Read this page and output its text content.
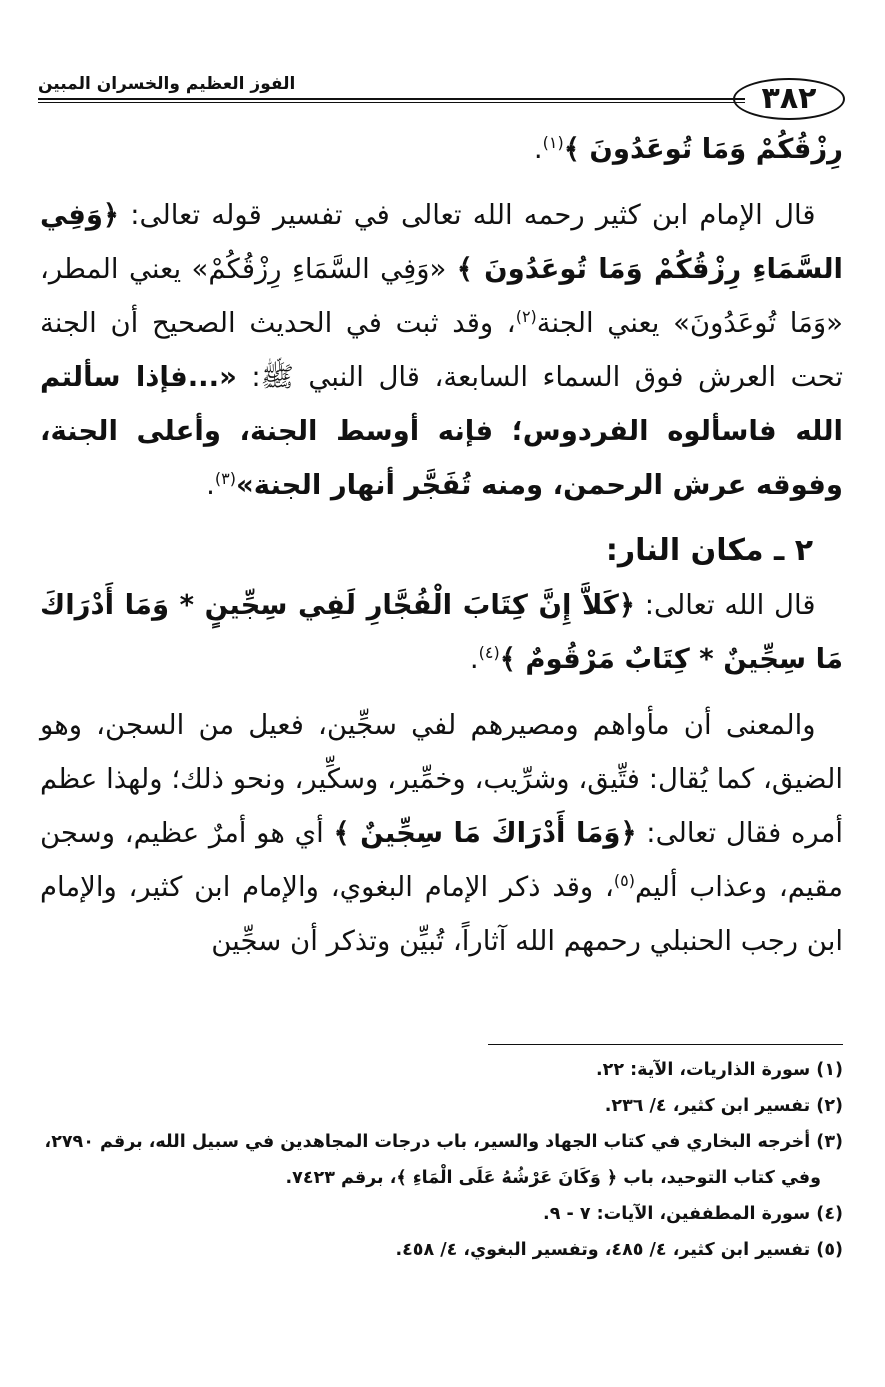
٣٨٢
الفوز العظيم والخسران المبين

رِزْقُكُمْ وَمَا تُوعَدُونَ ﴾$^{(١)}$.

 قال الإمام ابن كثير رحمه الله تعالى في تفسير قوله تعالى: ﴿وَفِي السَّمَاءِ رِزْقُكُمْ وَمَا تُوعَدُونَ ﴾ «وَفِي السَّمَاءِ رِزْقُكُمْ» يعني المطر، «وَمَا تُوعَدُونَ» يعني الجنة$^{(٢)}$، وقد ثبت في الحديث الصحيح أن الجنة تحت العرش فوق السماء السابعة، قال النبي ﷺ: «...فإذا سألتم الله فاسألوه الفردوس؛ فإنه أوسط الجنة، وأعلى الجنة، وفوقه عرش الرحمن، ومنه تُفَجَّر أنهار الجنة»$^{(٣)}$.

 ٢ ـ مكان النار:

 قال الله تعالى: ﴿كَلاَّ إِنَّ كِتَابَ الْفُجَّارِ لَفِي سِجِّينٍ * وَمَا أَدْرَاكَ مَا سِجِّينٌ * كِتَابٌ مَرْقُومٌ ﴾$^{(٤)}$.

 والمعنى أن مأواهم ومصيرهم لفي سجِّين، فعيل من السجن، وهو الضيق، كما يُقال: فتِّيق، وشرِّيب، وخمِّير، وسكِّير، ونحو ذلك؛ ولهذا عظم أمره فقال تعالى: ﴿وَمَا أَدْرَاكَ مَا سِجِّينٌ ﴾ أي هو أمرٌ عظيم، وسجن مقيم، وعذاب أليم$^{(٥)}$، وقد ذكر الإمام البغوي، والإمام ابن كثير، والإمام ابن رجب الحنبلي رحمهم الله آثاراً، تُبيِّن وتذكر أن سجِّين

(١) سورة الذاريات، الآية: ٢٢.

(٢) تفسير ابن كثير، ٤/ ٢٣٦.

(٣) أخرجه البخاري في كتاب الجهاد والسير، باب درجات المجاهدين في سبيل الله، برقم ٢٧٩٠،

وفي كتاب التوحيد، باب ﴿ وَكَانَ عَرْشُهُ عَلَى الْمَاءِ ﴾، برقم ٧٤٢٣.

(٤) سورة المطففين، الآيات: ٧ - ٩.

(٥) تفسير ابن كثير، ٤/ ٤٨٥، وتفسير البغوي، ٤/ ٤٥٨.
